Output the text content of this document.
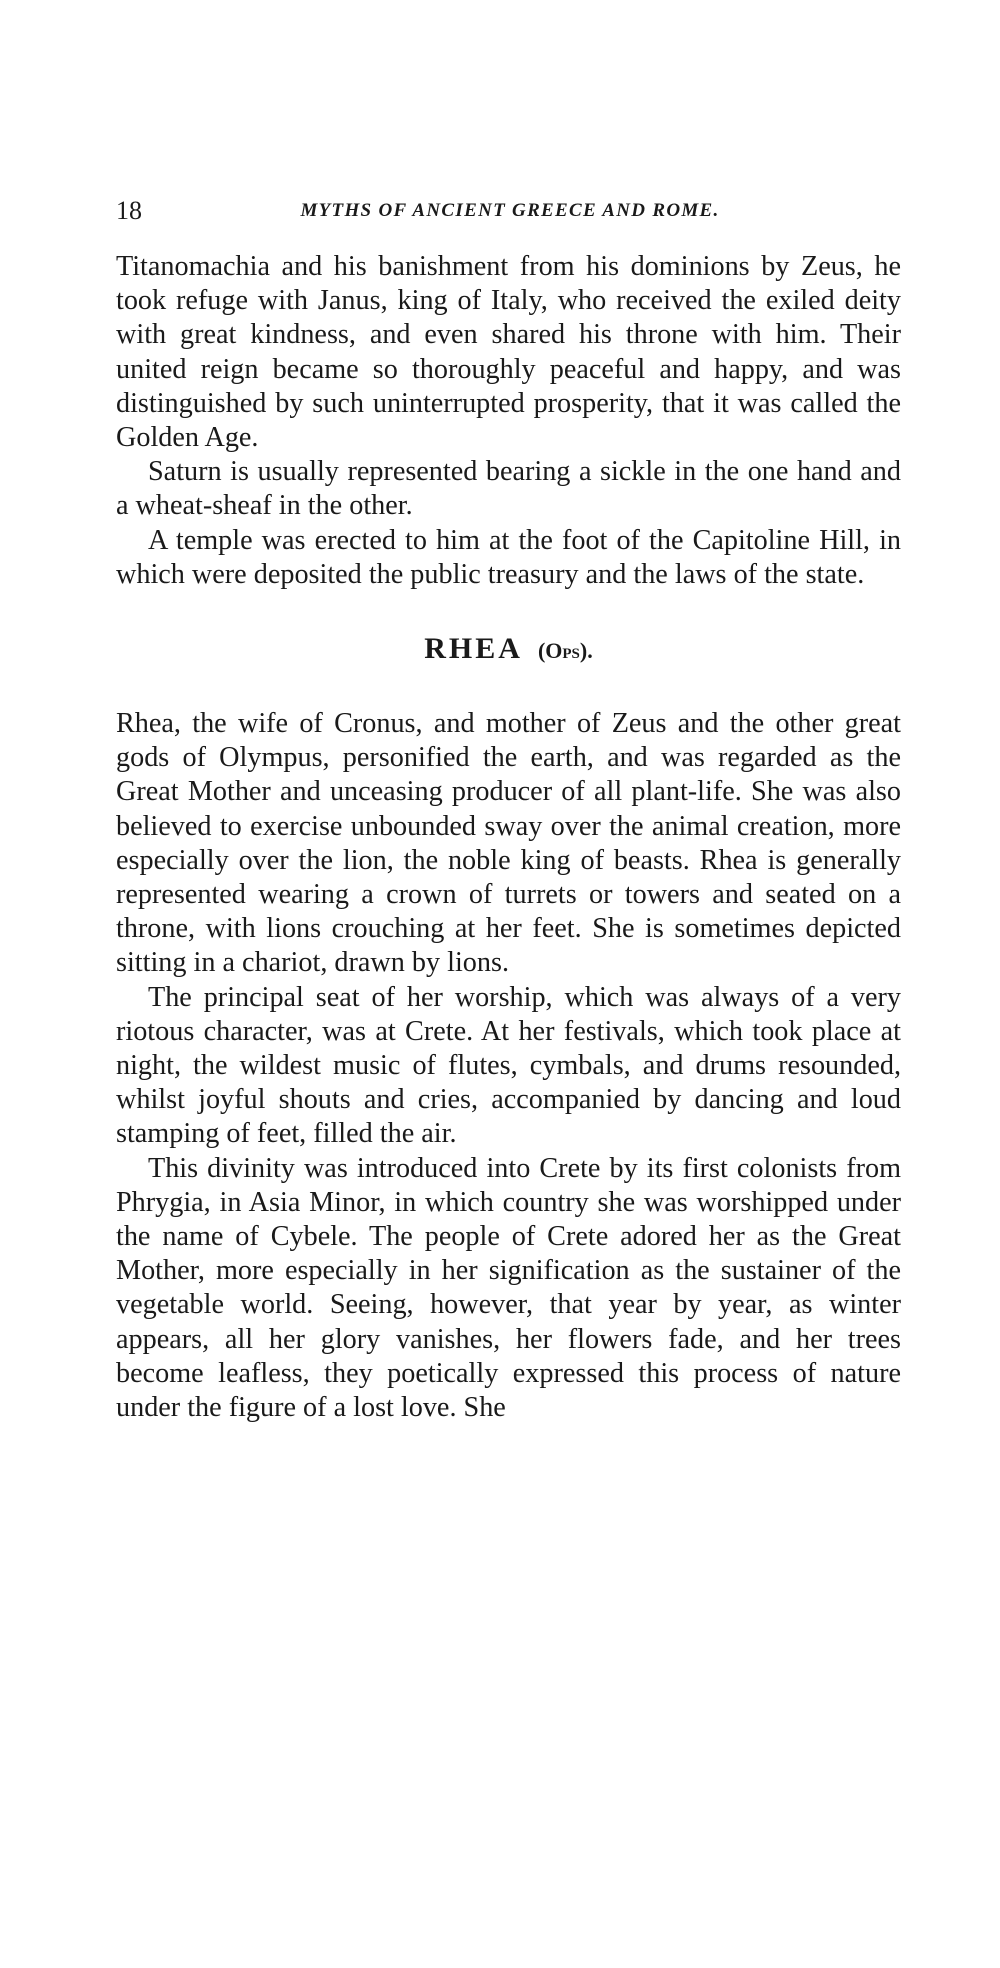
18	MYTHS OF ANCIENT GREECE AND ROME.

Titanomachia and his banishment from his dominions by Zeus, he took refuge with Janus, king of Italy, who received the exiled deity with great kindness, and even shared his throne with him. Their united reign became so thoroughly peaceful and happy, and was distinguished by such uninterrupted prosperity, that it was called the Golden Age.

Saturn is usually represented bearing a sickle in the one hand and a wheat-sheaf in the other.

A temple was erected to him at the foot of the Capitoline Hill, in which were deposited the public treasury and the laws of the state.

RHEA (Ops).

Rhea, the wife of Cronus, and mother of Zeus and the other great gods of Olympus, personified the earth, and was regarded as the Great Mother and unceasing producer of all plant-life. She was also believed to exercise unbounded sway over the animal creation, more especially over the lion, the noble king of beasts. Rhea is generally represented wearing a crown of turrets or towers and seated on a throne, with lions crouching at her feet. She is sometimes depicted sitting in a chariot, drawn by lions.

The principal seat of her worship, which was always of a very riotous character, was at Crete. At her festivals, which took place at night, the wildest music of flutes, cymbals, and drums resounded, whilst joyful shouts and cries, accompanied by dancing and loud stamping of feet, filled the air.

This divinity was introduced into Crete by its first colonists from Phrygia, in Asia Minor, in which country she was worshipped under the name of Cybele. The people of Crete adored her as the Great Mother, more especially in her signification as the sustainer of the vegetable world. Seeing, however, that year by year, as winter appears, all her glory vanishes, her flowers fade, and her trees become leafless, they poetically expressed this process of nature under the figure of a lost love. She
